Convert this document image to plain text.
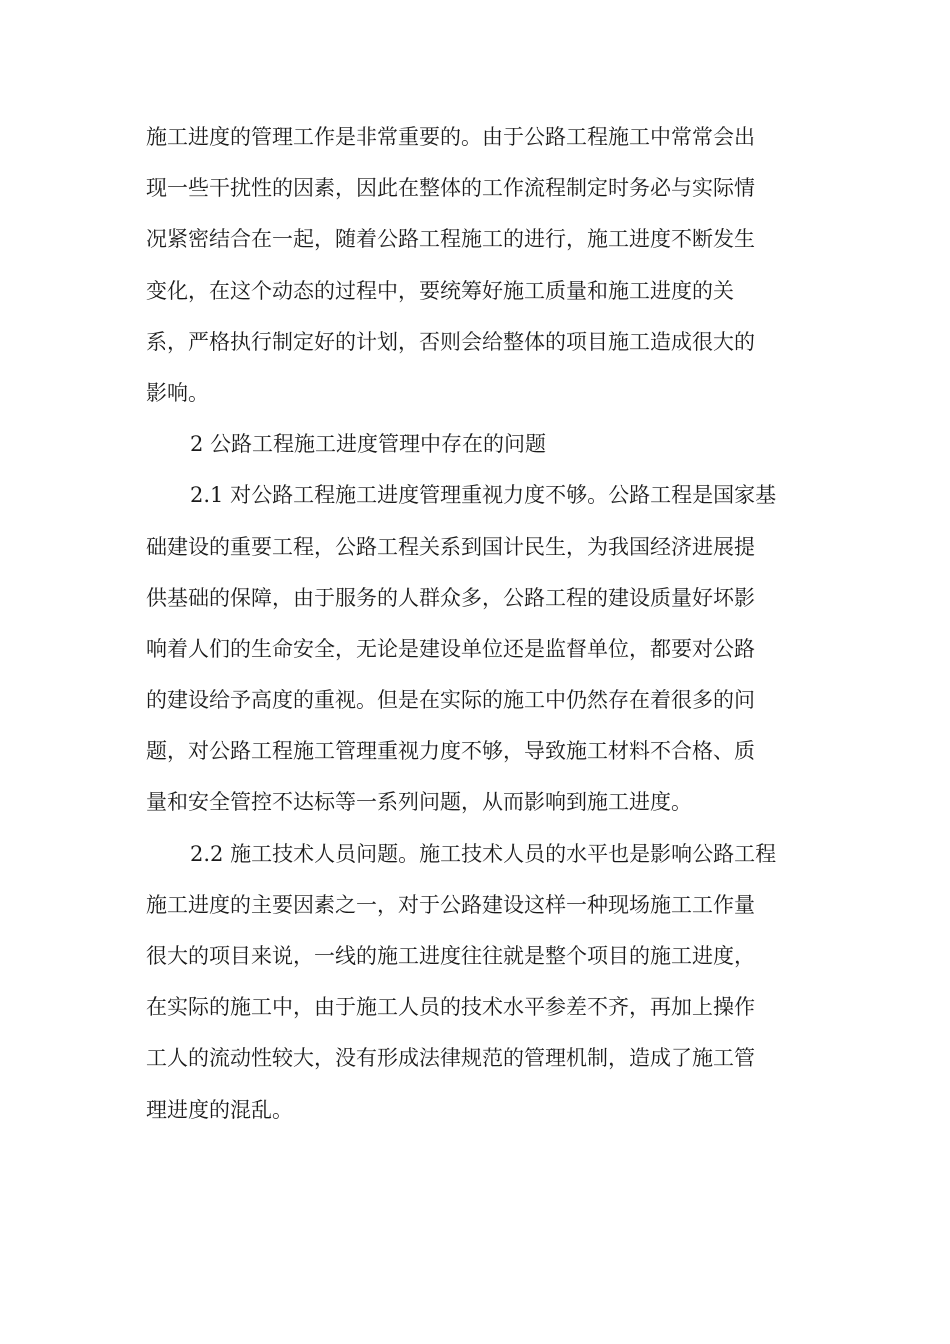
施工进度的管理工作是非常重要的。由于公路工程施工中常常会出
现一些干扰性的因素，因此在整体的工作流程制定时务必与实际情
况紧密结合在一起，随着公路工程施工的进行，施工进度不断发生
变化，在这个动态的过程中，要统筹好施工质量和施工进度的关
系，严格执行制定好的计划，否则会给整体的项目施工造成很大的
影响。
2 公路工程施工进度管理中存在的问题
2.1 对公路工程施工进度管理重视力度不够。公路工程是国家基
础建设的重要工程，公路工程关系到国计民生，为我国经济进展提
供基础的保障，由于服务的人群众多，公路工程的建设质量好坏影
响着人们的生命安全，无论是建设单位还是监督单位，都要对公路
的建设给予高度的重视。但是在实际的施工中仍然存在着很多的问
题，对公路工程施工管理重视力度不够，导致施工材料不合格、质
量和安全管控不达标等一系列问题，从而影响到施工进度。
2.2 施工技术人员问题。施工技术人员的水平也是影响公路工程
施工进度的主要因素之一，对于公路建设这样一种现场施工工作量
很大的项目来说，一线的施工进度往往就是整个项目的施工进度，
在实际的施工中，由于施工人员的技术水平参差不齐，再加上操作
工人的流动性较大，没有形成法律规范的管理机制，造成了施工管
理进度的混乱。
